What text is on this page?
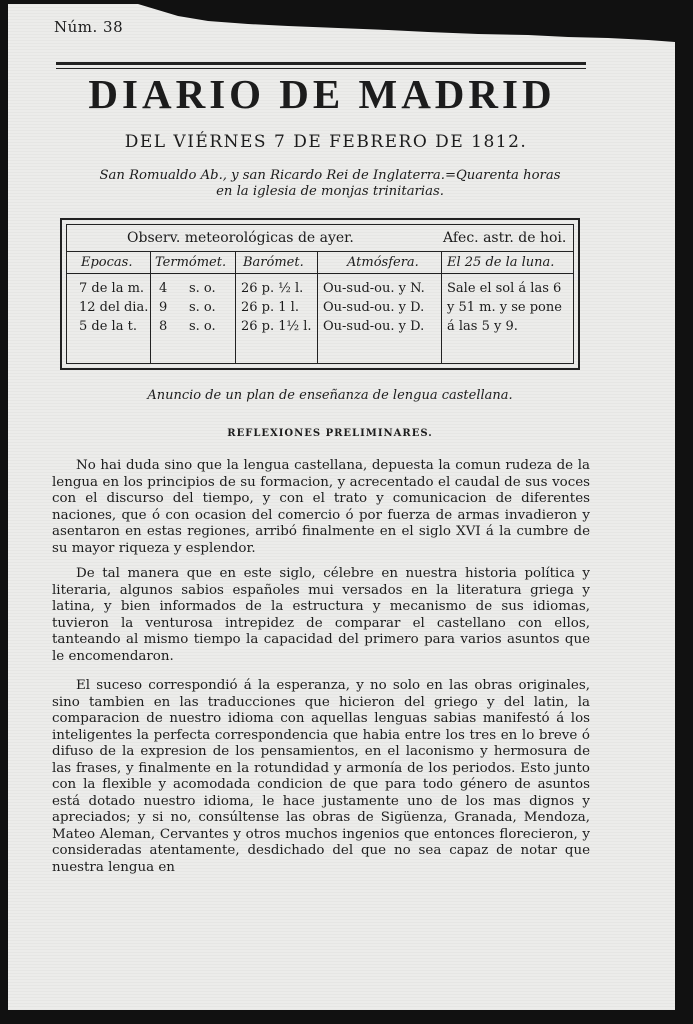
Núm. 38
DIARIO DE MADRID
DEL VIÉRNES 7 DE FEBRERO DE 1812.
San Romualdo Ab., y san Ricardo Rei de Inglaterra.=Quarenta horas
en la iglesia de monjas trinitarias.
Observ. meteorológicas de ayer.	Afec. astr. de hoi.
Epocas. Termómet. Barómet.	Atmósfera. El 25 de la luna.
7 de la m. 4 s. o. 26 p. ½ l. Ou-sud-ou. y N.
12 del dia. 9 s. o. 26 p. 1 l. Ou-sud-ou. y D.
5 de la t. 8 s. o. 26 p. 1½ l. Ou-sud-ou. y D.
Sale el sol á las 6
y 51 m. y se pone
á las 5 y 9.
Anuncio de un plan de enseñanza de lengua castellana.
REFLEXIONES PRELIMINARES.

No hai duda sino que la lengua castellana, depuesta la comun rudeza de la lengua en los principios de su formacion, y acrecentado el caudal de sus voces con el discurso del tiempo, y con el trato y comunicacion de diferentes naciones, que ó con ocasion del comercio ó por fuerza de armas invadieron y asentaron en estas regiones, arribó finalmente en el siglo XVI á la cumbre de su mayor riqueza y esplendor.

De tal manera que en este siglo, célebre en nuestra historia política y literaria, algunos sabios españoles mui versados en la literatura griega y latina, y bien informados de la estructura y mecanismo de sus idiomas, tuvieron la venturosa intrepidez de comparar el castellano con ellos, tanteando al mismo tiempo la capacidad del primero para varios asuntos que le encomendaron.

El suceso correspondió á la esperanza, y no solo en las obras originales, sino tambien en las traducciones que hicieron del griego y del latin, la comparacion de nuestro idioma con aquellas lenguas sabias manifestó á los inteligentes la perfecta correspondencia que habia entre los tres en lo breve ó difuso de la expresion de los pensamientos, en el laconismo y hermosura de las frases, y finalmente en la rotundidad y armonía de los periodos. Esto junto con la flexible y acomodada condicion de que para todo género de asuntos está dotado nuestro idioma, le hace justamente uno de los mas dignos y apreciados; y si no, consúltense las obras de Sigüenza, Granada, Mendoza, Mateo Aleman, Cervantes y otros muchos ingenios que entonces florecieron, y consideradas atentamente, desdichado del que no sea capaz de notar que nuestra lengua en
